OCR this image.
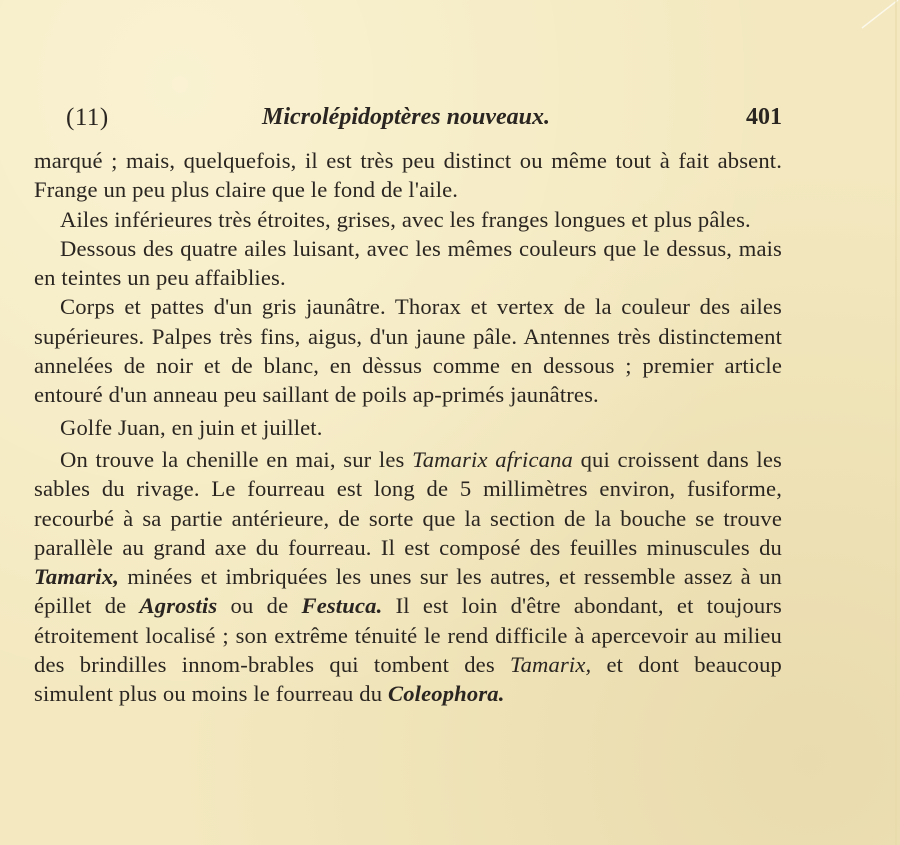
(11)	Microlépidoptères nouveaux.	401

marqué ; mais, quelquefois, il est très peu distinct ou même tout à fait absent. Frange un peu plus claire que le fond de l'aile.

Ailes inférieures très étroites, grises, avec les franges longues et plus pâles.

Dessous des quatre ailes luisant, avec les mêmes couleurs que le dessus, mais en teintes un peu affaiblies.

Corps et pattes d'un gris jaunâtre. Thorax et vertex de la couleur des ailes supérieures. Palpes très fins, aigus, d'un jaune pâle. Antennes très distinctement annelées de noir et de blanc, en dèssus comme en dessous ; premier article entouré d'un anneau peu saillant de poils ap-primés jaunâtres.

Golfe Juan, en juin et juillet.

On trouve la chenille en mai, sur les Tamarix africana qui croissent dans les sables du rivage. Le fourreau est long de 5 millimètres environ, fusiforme, recourbé à sa partie antérieure, de sorte que la section de la bouche se trouve parallèle au grand axe du fourreau. Il est composé des feuilles minuscules du Tamarix, minées et imbriquées les unes sur les autres, et ressemble assez à un épillet de Agrostis ou de Festuca. Il est loin d'être abondant, et toujours étroitement localisé ; son extrême ténuité le rend difficile à apercevoir au milieu des brindilles innom-brables qui tombent des Tamarix, et dont beaucoup simulent plus ou moins le fourreau du Coleophora.
